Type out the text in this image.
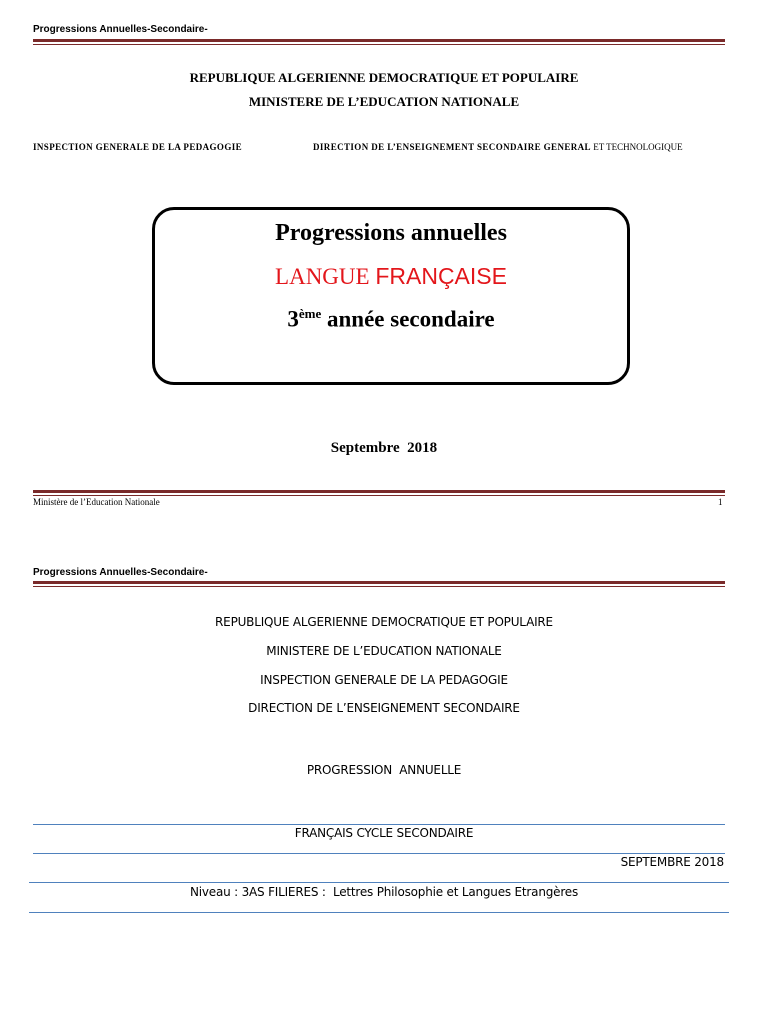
Progressions Annuelles-Secondaire-
REPUBLIQUE ALGERIENNE DEMOCRATIQUE ET POPULAIRE
MINISTERE DE L’EDUCATION NATIONALE
INSPECTION GENERALE DE LA PEDAGOGIE	DIRECTION DE L’ENSEIGNEMENT SECONDAIRE GENERAL ET TECHNOLOGIQUE
Progressions annuelles
LANGUE FRANÇAISE
3ème année secondaire
Septembre  2018
Ministère de l’Education Nationale	1
Progressions Annuelles-Secondaire-
REPUBLIQUE ALGERIENNE DEMOCRATIQUE ET POPULAIRE
MINISTERE DE L’EDUCATION NATIONALE
INSPECTION GENERALE DE LA PEDAGOGIE
DIRECTION DE L’ENSEIGNEMENT SECONDAIRE
PROGRESSION  ANNUELLE
FRANÇAIS CYCLE SECONDAIRE
SEPTEMBRE 2018
Niveau : 3AS FILIERES :  Lettres Philosophie et Langues Etrangères
